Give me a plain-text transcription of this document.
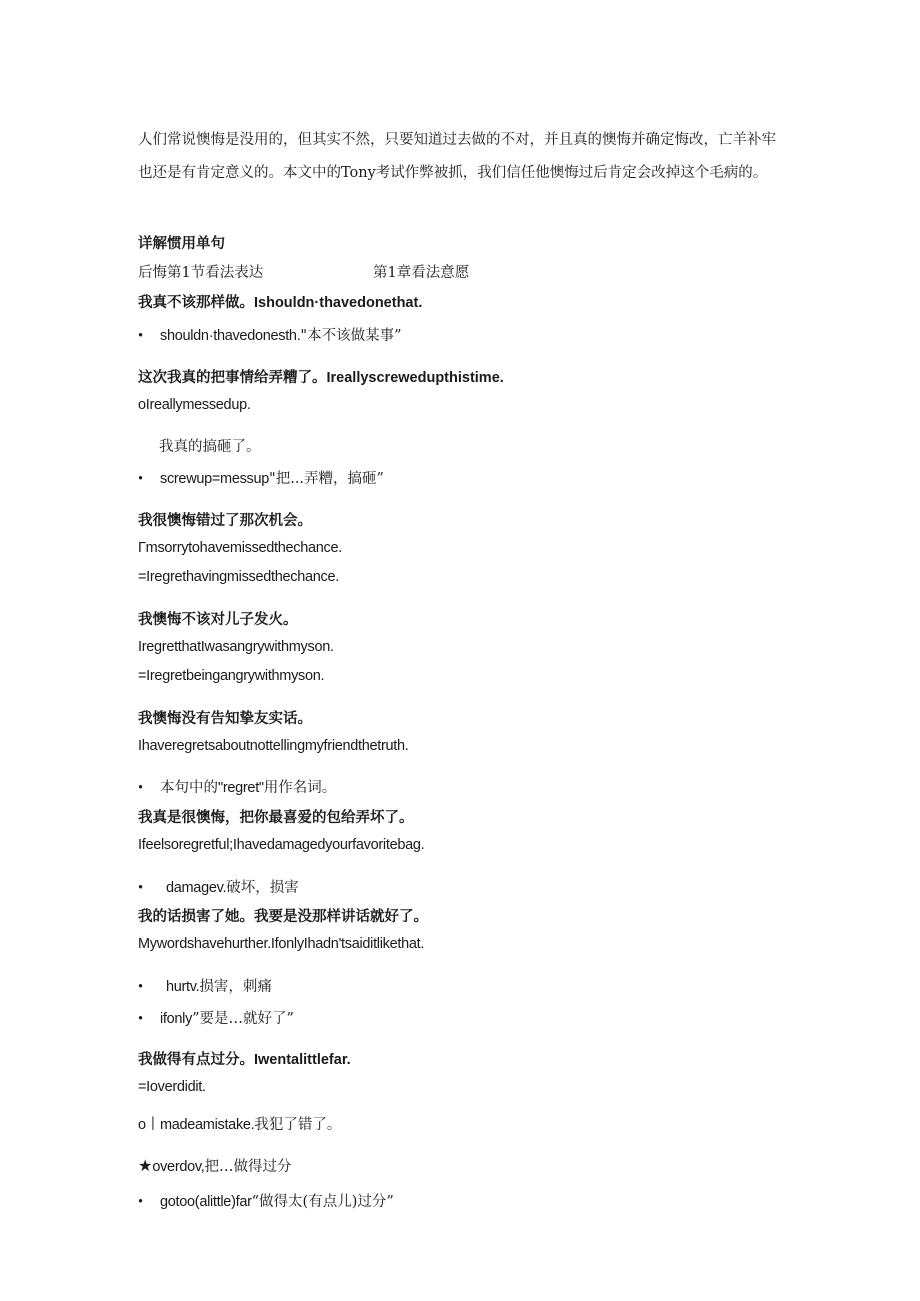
人们常说懊悔是没用的，但其实不然，只要知道过去做的不对，并且真的懊悔并确定悔改，亡羊补牢也还是有肯定意义的。本文中的Tony考试作弊被抓，我们信任他懊悔过后肯定会改掉这个毛病的。
详解惯用单句
后悔第1节看法表达	第1章看法意愿
我真不该那样做。Ishouldn·thavedonethat.
• shouldn·thavedonesth."本不该做某事”
这次我真的把事情给弄糟了。Ireallyscrewedupthistime.
oIreallymessedup.
我真的搞砸了。
• screwup=messup"把...弄糟，搞砸”
我很懊悔错过了那次机会。
Γmsorrytohavemissedthechance.
=Iregrethavingmissedthechance.
我懊悔不该对儿子发火。
IregretthatIwasangrywithmyson.
=Iregretbeingangrywithmyson.
我懊悔没有告知挚友实话。
Ihaveregretsaboutnottellingmyfriendthetruth.
• 本句中的"regret"用作名词。
我真是很懊悔，把你最喜爱的包给弄坏了。
Ifeelsoregretful;Ihavedamagedyourfavoritebag.
• damagev.破坏，损害
我的话损害了她。我要是没那样讲话就好了。
Mywordshavehurther.IfonlyIhadn'tsaiditlikethat.
• hurtv.损害，刺痛
• ifonly”要是…就好了”
我做得有点过分。Iwentalittlefar.
=Ioverdidit.
o丨madeamistake.我犯了错了。
★overdov,把…做得过分
• gotoo(alittle)far“做得太(有点儿)过分”
